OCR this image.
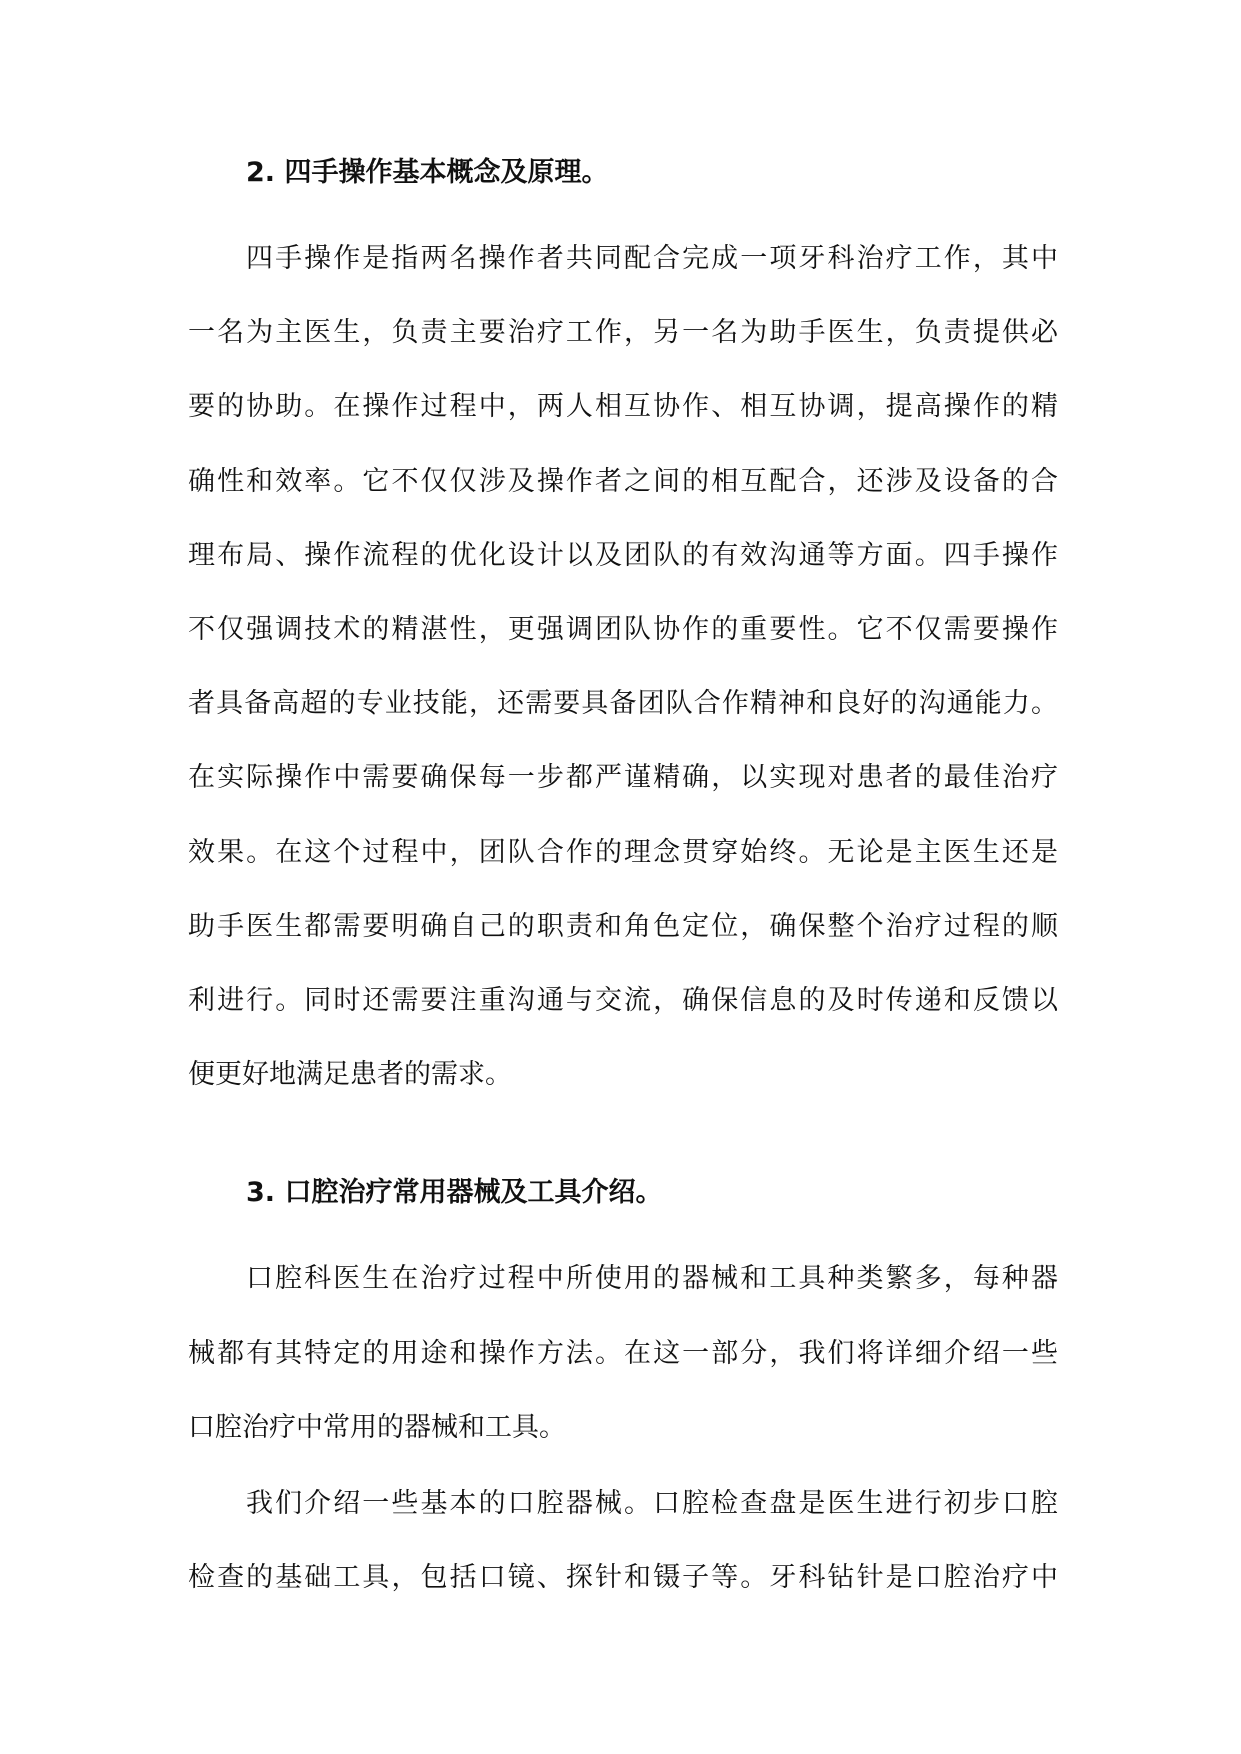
2. 四手操作基本概念及原理。
四手操作是指两名操作者共同配合完成一项牙科治疗工作，其中
一名为主医生，负责主要治疗工作，另一名为助手医生，负责提供必
要的协助。在操作过程中，两人相互协作、相互协调，提高操作的精
确性和效率。它不仅仅涉及操作者之间的相互配合，还涉及设备的合
理布局、操作流程的优化设计以及团队的有效沟通等方面。四手操作
不仅强调技术的精湛性，更强调团队协作的重要性。它不仅需要操作
者具备高超的专业技能，还需要具备团队合作精神和良好的沟通能力。
在实际操作中需要确保每一步都严谨精确，以实现对患者的最佳治疗
效果。在这个过程中，团队合作的理念贯穿始终。无论是主医生还是
助手医生都需要明确自己的职责和角色定位，确保整个治疗过程的顺
利进行。同时还需要注重沟通与交流，确保信息的及时传递和反馈以
便更好地满足患者的需求。
3. 口腔治疗常用器械及工具介绍。
口腔科医生在治疗过程中所使用的器械和工具种类繁多，每种器
械都有其特定的用途和操作方法。在这一部分，我们将详细介绍一些
口腔治疗中常用的器械和工具。
我们介绍一些基本的口腔器械。口腔检查盘是医生进行初步口腔
检查的基础工具，包括口镜、探针和镊子等。牙科钻针是口腔治疗中
